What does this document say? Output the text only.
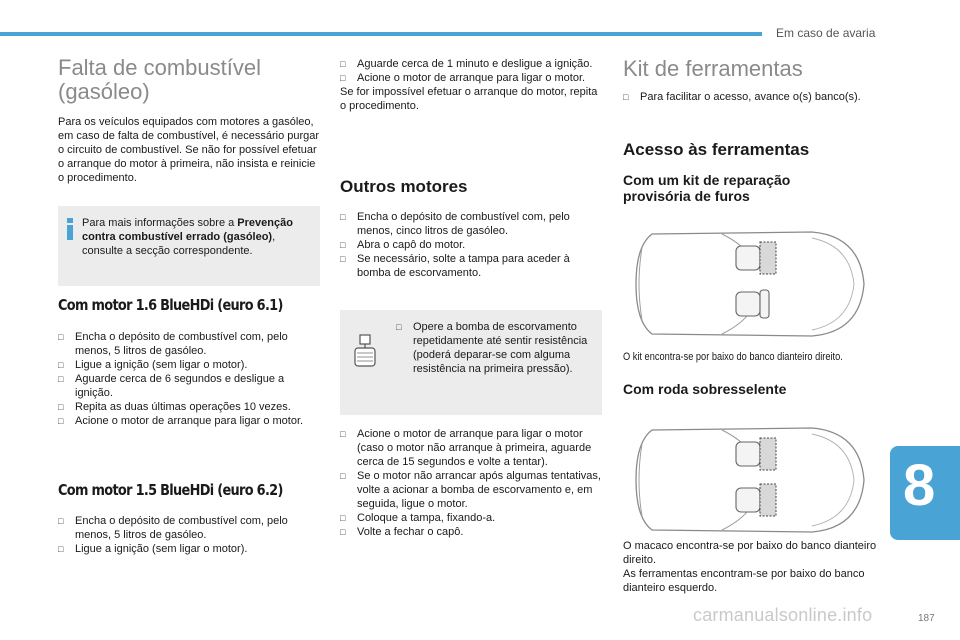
Em caso de avaria
Falta de combustível
(gasóleo)
Para os veículos equipados com motores a gasóleo, em caso de falta de combustível, é necessário purgar o circuito de combustível. Se não for possível efetuar o arranque do motor à primeira, não insista e reinicie o procedimento.
Para mais informações sobre a Prevenção contra combustível errado (gasóleo), consulte a secção correspondente.
Com motor 1.6 BlueHDi (euro 6.1)
□ Encha o depósito de combustível com, pelo menos, 5 litros de gasóleo.
□ Ligue a ignição (sem ligar o motor).
□ Aguarde cerca de 6 segundos e desligue a ignição.
□ Repita as duas últimas operações 10 vezes.
□ Acione o motor de arranque para ligar o motor.
Com motor 1.5 BlueHDi (euro 6.2)
□ Encha o depósito de combustível com, pelo menos, 5 litros de gasóleo.
□ Ligue a ignição (sem ligar o motor).
□ Aguarde cerca de 1 minuto e desligue a ignição.
□ Acione o motor de arranque para ligar o motor.
Se for impossível efetuar o arranque do motor, repita o procedimento.
Outros motores
□ Encha o depósito de combustível com, pelo menos, cinco litros de gasóleo.
□ Abra o capô do motor.
□ Se necessário, solte a tampa para aceder à bomba de escorvamento.
□ Opere a bomba de escorvamento repetidamente até sentir resistência (poderá deparar-se com alguma resistência na primeira pressão).
□ Acione o motor de arranque para ligar o motor (caso o motor não arranque à primeira, aguarde cerca de 15 segundos e volte a tentar).
□ Se o motor não arrancar após algumas tentativas, volte a acionar a bomba de escorvamento e, em seguida, ligue o motor.
□ Coloque a tampa, fixando-a.
□ Volte a fechar o capô.
Kit de ferramentas
□ Para facilitar o acesso, avance o(s) banco(s).
Acesso às ferramentas
Com um kit de reparação
provisória de furos
O kit encontra-se por baixo do banco dianteiro direito.
Com roda sobresselente
O macaco encontra-se por baixo do banco dianteiro direito.
As ferramentas encontram-se por baixo do banco dianteiro esquerdo.
8
carmanualsonline.info	187
